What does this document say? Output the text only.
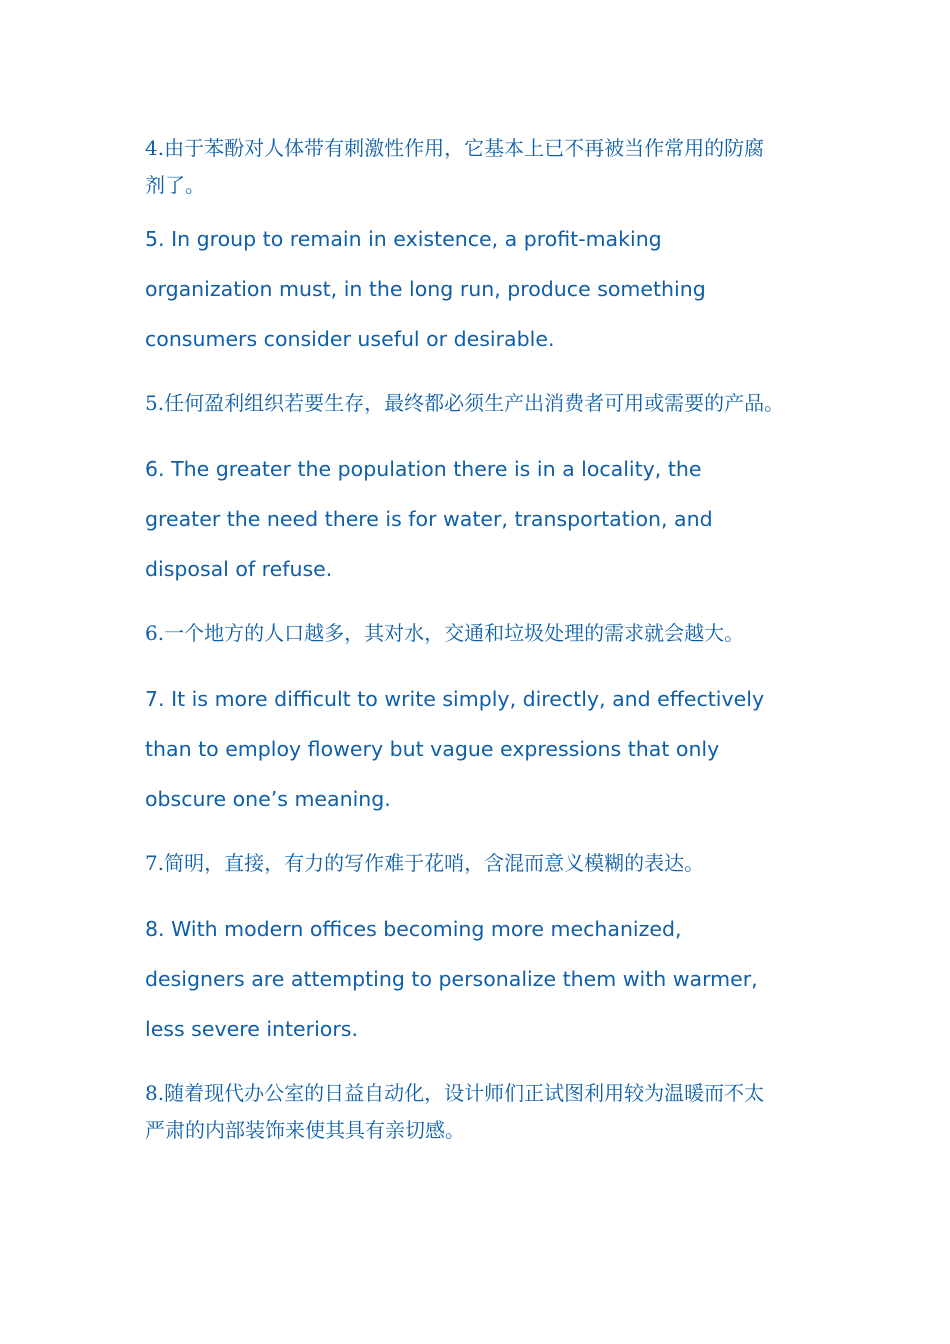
4.由于苯酚对人体带有刺激性作用，它基本上已不再被当作常用的防腐
剂了。

5. In group to remain in existence, a profit-making
organization must, in the long run, produce something
consumers consider useful or desirable.

5.任何盈利组织若要生存，最终都必须生产出消费者可用或需要的产品。

6. The greater the population there is in a locality, the
greater the need there is for water, transportation, and
disposal of refuse.

6.一个地方的人口越多，其对水，交通和垃圾处理的需求就会越大。

7. It is more difficult to write simply, directly, and effectively
than to employ flowery but vague expressions that only
obscure one’s meaning.

7.简明，直接，有力的写作难于花哨，含混而意义模糊的表达。

8. With modern offices becoming more mechanized,
designers are attempting to personalize them with warmer,
less severe interiors.

8.随着现代办公室的日益自动化，设计师们正试图利用较为温暖而不太
严肃的内部装饰来使其具有亲切感。
